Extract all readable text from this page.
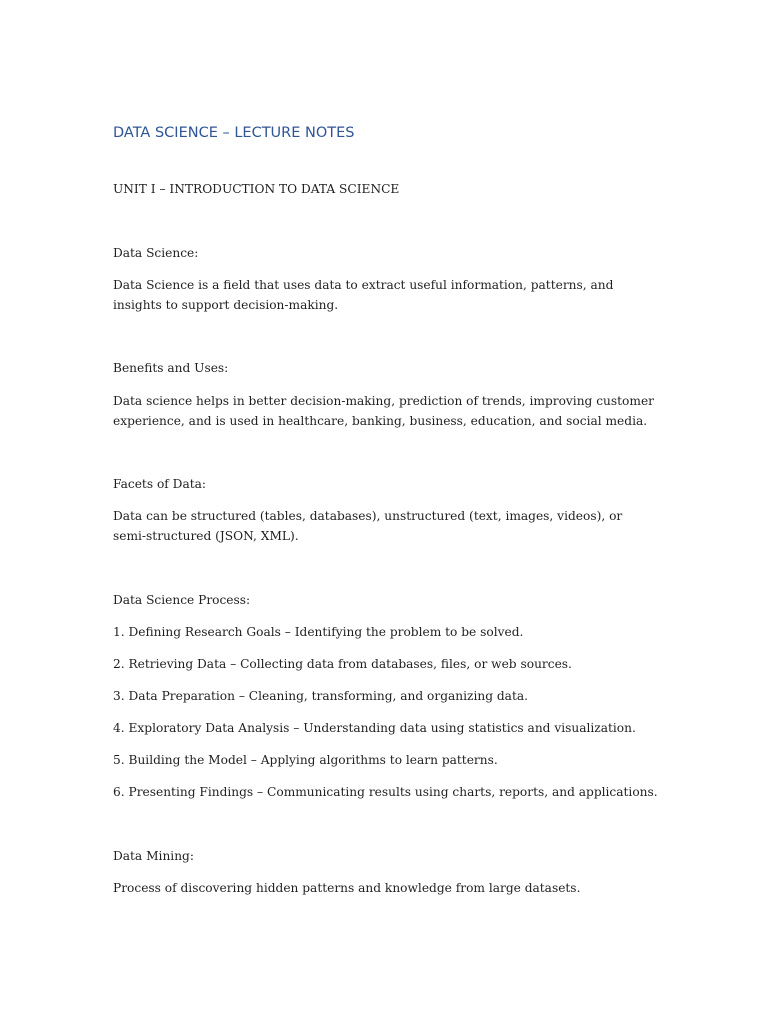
DATA SCIENCE – LECTURE NOTES

UNIT I – INTRODUCTION TO DATA SCIENCE

Data Science:

Data Science is a field that uses data to extract useful information, patterns, and insights to support decision-making.

Benefits and Uses:

Data science helps in better decision-making, prediction of trends, improving customer experience, and is used in healthcare, banking, business, education, and social media.

Facets of Data:

Data can be structured (tables, databases), unstructured (text, images, videos), or semi-structured (JSON, XML).

Data Science Process:

1. Defining Research Goals – Identifying the problem to be solved.

2. Retrieving Data – Collecting data from databases, files, or web sources.

3. Data Preparation – Cleaning, transforming, and organizing data.

4. Exploratory Data Analysis – Understanding data using statistics and visualization.

5. Building the Model – Applying algorithms to learn patterns.

6. Presenting Findings – Communicating results using charts, reports, and applications.

Data Mining:

Process of discovering hidden patterns and knowledge from large datasets.
